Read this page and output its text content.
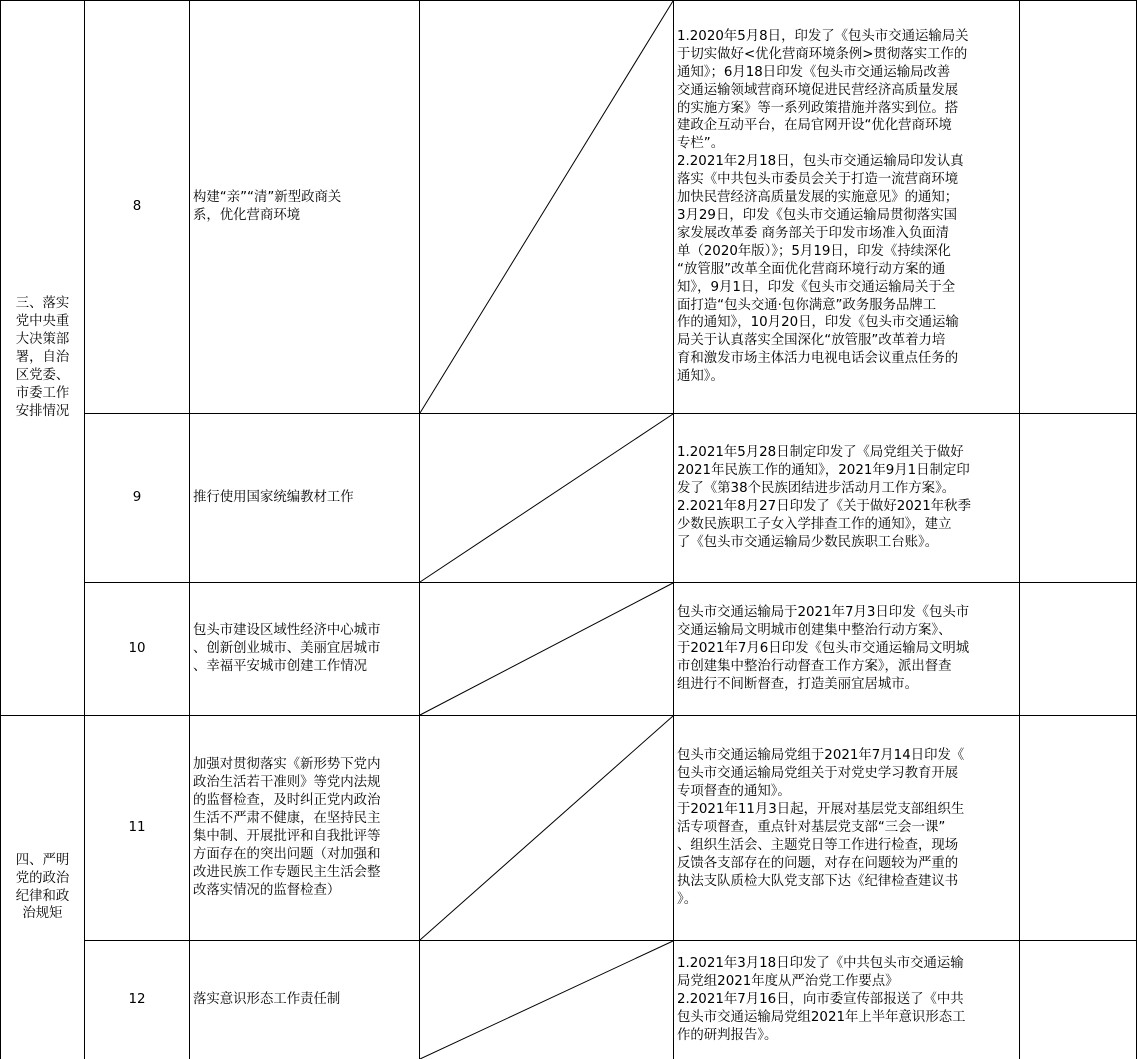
三、落实
党中央重
大决策部
署，自治
区党委、
市委工作
安排情况
四、严明
党的政治
纪律和政
治规矩
8
构建“亲”“清”新型政商关
系，优化营商环境
1.2020年5月8日，印发了《包头市交通运输局关
于切实做好<优化营商环境条例>贯彻落实工作的
通知》；6月18日印发《包头市交通运输局改善
交通运输领域营商环境促进民营经济高质量发展
的实施方案》等一系列政策措施并落实到位。搭
建政企互动平台，在局官网开设“优化营商环境
专栏”。
2.2021年2月18日，包头市交通运输局印发认真
落实《中共包头市委员会关于打造一流营商环境
加快民营经济高质量发展的实施意见》的通知；
3月29日，印发《包头市交通运输局贯彻落实国
家发展改革委 商务部关于印发市场准入负面清
单（2020年版）》；5月19日，印发《持续深化
“放管服”改革全面优化营商环境行动方案的通
知》，9月1日，印发《包头市交通运输局关于全
面打造“包头交通·包你满意”政务服务品牌工
作的通知》，10月20日，印发《包头市交通运输
局关于认真落实全国深化“放管服”改革着力培
育和激发市场主体活力电视电话会议重点任务的
通知》。
9	推行使用国家统编教材工作
1.2021年5月28日制定印发了《局党组关于做好
2021年民族工作的通知》，2021年9月1日制定印
发了《第38个民族团结进步活动月工作方案》。
2.2021年8月27日印发了《关于做好2021年秋季
少数民族职工子女入学排查工作的通知》，建立
了《包头市交通运输局少数民族职工台账》。
10
包头市建设区域性经济中心城市
、创新创业城市、美丽宜居城市
、幸福平安城市创建工作情况
包头市交通运输局于2021年7月3日印发《包头市
交通运输局文明城市创建集中整治行动方案》、
于2021年7月6日印发《包头市交通运输局文明城
市创建集中整治行动督查工作方案》，派出督查
组进行不间断督查，打造美丽宜居城市。
11
加强对贯彻落实《新形势下党内
政治生活若干准则》等党内法规
的监督检查，及时纠正党内政治
生活不严肃不健康，在坚持民主
集中制、开展批评和自我批评等
方面存在的突出问题（对加强和
改进民族工作专题民主生活会整
改落实情况的监督检查）
包头市交通运输局党组于2021年7月14日印发《
包头市交通运输局党组关于对党史学习教育开展
专项督查的通知》。
于2021年11月3日起，开展对基层党支部组织生
活专项督查，重点针对基层党支部“三会一课”
、组织生活会、主题党日等工作进行检查，现场
反馈各支部存在的问题，对存在问题较为严重的
执法支队质检大队党支部下达《纪律检查建议书
》。
12	落实意识形态工作责任制
1.2021年3月18日印发了《中共包头市交通运输
局党组2021年度从严治党工作要点》
2.2021年7月16日，向市委宣传部报送了《中共
包头市交通运输局党组2021年上半年意识形态工
作的研判报告》。
